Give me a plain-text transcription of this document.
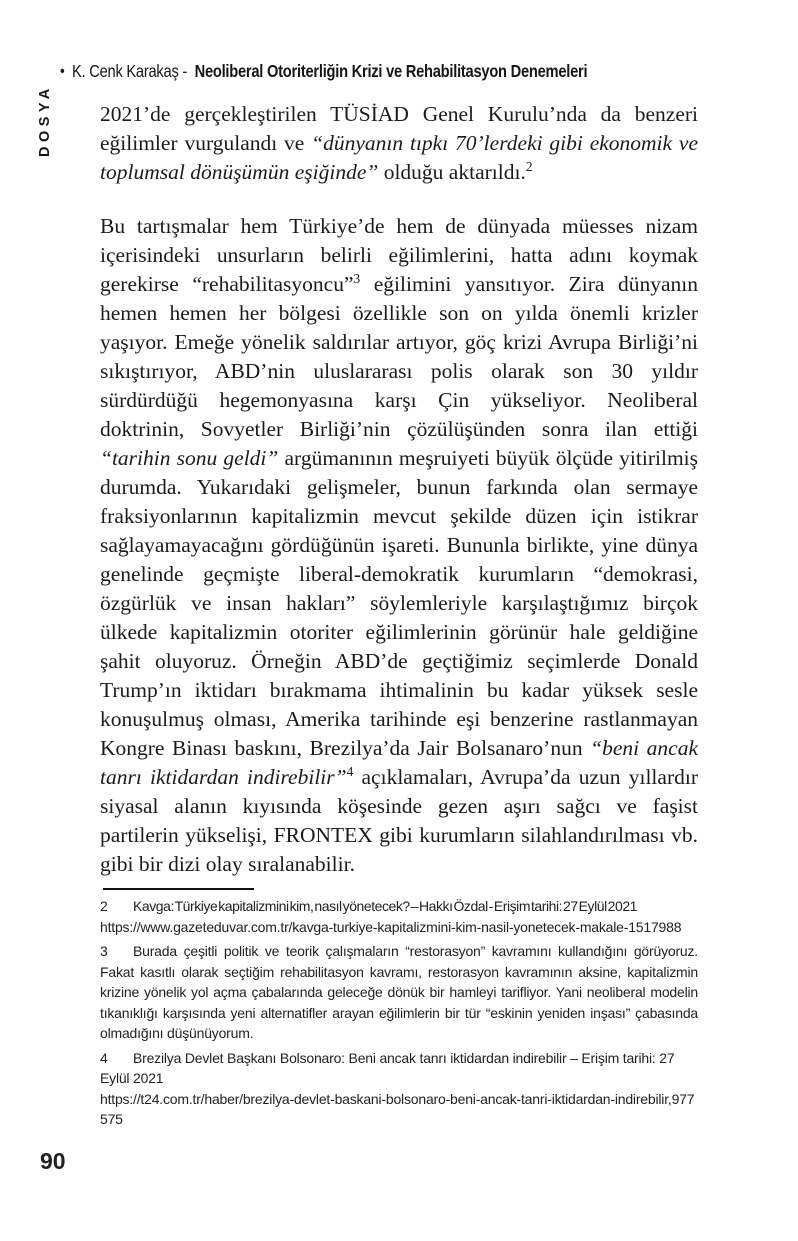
• K. Cenk Karakaş - Neoliberal Otoriterliğin Krizi ve Rehabilitasyon Denemeleri
DOSYA 2021’de gerçekleştirilen TÜSİAD Genel Kurulu’nda da benzeri eğilimler vurgulandı ve “dünyanın tıpkı 70’lerdeki gibi ekonomik ve toplumsal dönüşümün eşiğinde” olduğu aktarıldı.$^2$

Bu tartışmalar hem Türkiye’de hem de dünyada müesses nizam içerisindeki unsurların belirli eğilimlerini, hatta adını koymak gerekirse “rehabilitasyoncu”$^3$ eğilimini yansıtıyor. Zira dünyanın hemen hemen her bölgesi özellikle son on yılda önemli krizler yaşıyor. Emeğe yönelik saldırılar artıyor, göç krizi Avrupa Birliği’ni sıkıştırıyor, ABD’nin uluslararası polis olarak son 30 yıldır sürdürdüğü hegemonyasına karşı Çin yükseliyor. Neoliberal doktrinin, Sovyetler Birliği’nin çözülüşünden sonra ilan ettiği “tarihin sonu geldi” argümanının meşruiyeti büyük ölçüde yitirilmiş durumda. Yukarıdaki gelişmeler, bunun farkında olan sermaye fraksiyonlarının kapitalizmin mevcut şekilde düzen için istikrar sağlayamayacağını gördüğünün işareti. Bununla birlikte, yine dünya genelinde geçmişte liberal-demokratik kurumların “demokrasi, özgürlük ve insan hakları” söylemleriyle karşılaştığımız birçok ülkede kapitalizmin otoriter eğilimlerinin görünür hale geldiğine şahit oluyoruz. Örneğin ABD’de geçtiğimiz seçimlerde Donald Trump’ın iktidarı bırakmama ihtimalinin bu kadar yüksek sesle konuşulmuş olması, Amerika tarihinde eşi benzerine rastlanmayan Kongre Binası baskını, Brezilya’da Jair Bolsanaro’nun “beni ancak tanrı iktidardan indirebilir”$^4$ açıklamaları, Avrupa’da uzun yıllardır siyasal alanın kıyısında köşesinde gezen aşırı sağcı ve faşist partilerin yükselişi, FRONTEX gibi kurumların silahlandırılması vb. gibi bir dizi olay sıralanabilir.

2 Kavga: Türkiye kapitalizmini kim, nasıl yönetecek? – Hakkı Özdal - Erişim tarihi: 27 Eylül 2021
https://www.gazeteduvar.com.tr/kavga-turkiye-kapitalizmini-kim-nasil-yonetecek-makale-1517988
3 Burada çeşitli politik ve teorik çalışmaların “restorasyon” kavramını kullandığını görüyoruz. Fakat kasıtlı olarak seçtiğim rehabilitasyon kavramı, restorasyon kavramının aksine, kapitalizmin krizine yönelik yol açma çabalarında geleceğe dönük bir hamleyi tarifliyor. Yani neoliberal modelin tıkanıklığı karşısında yeni alternatifler arayan eğilimlerin bir tür “eskinin yeniden inşası” çabasında olmadığını düşünüyorum.
4 Brezilya Devlet Başkanı Bolsonaro: Beni ancak tanrı iktidardan indirebilir – Erişim tarihi: 27 Eylül 2021
https://t24.com.tr/haber/brezilya-devlet-baskani-bolsonaro-beni-ancak-tanri-iktidardan-indirebilir,977575
90
